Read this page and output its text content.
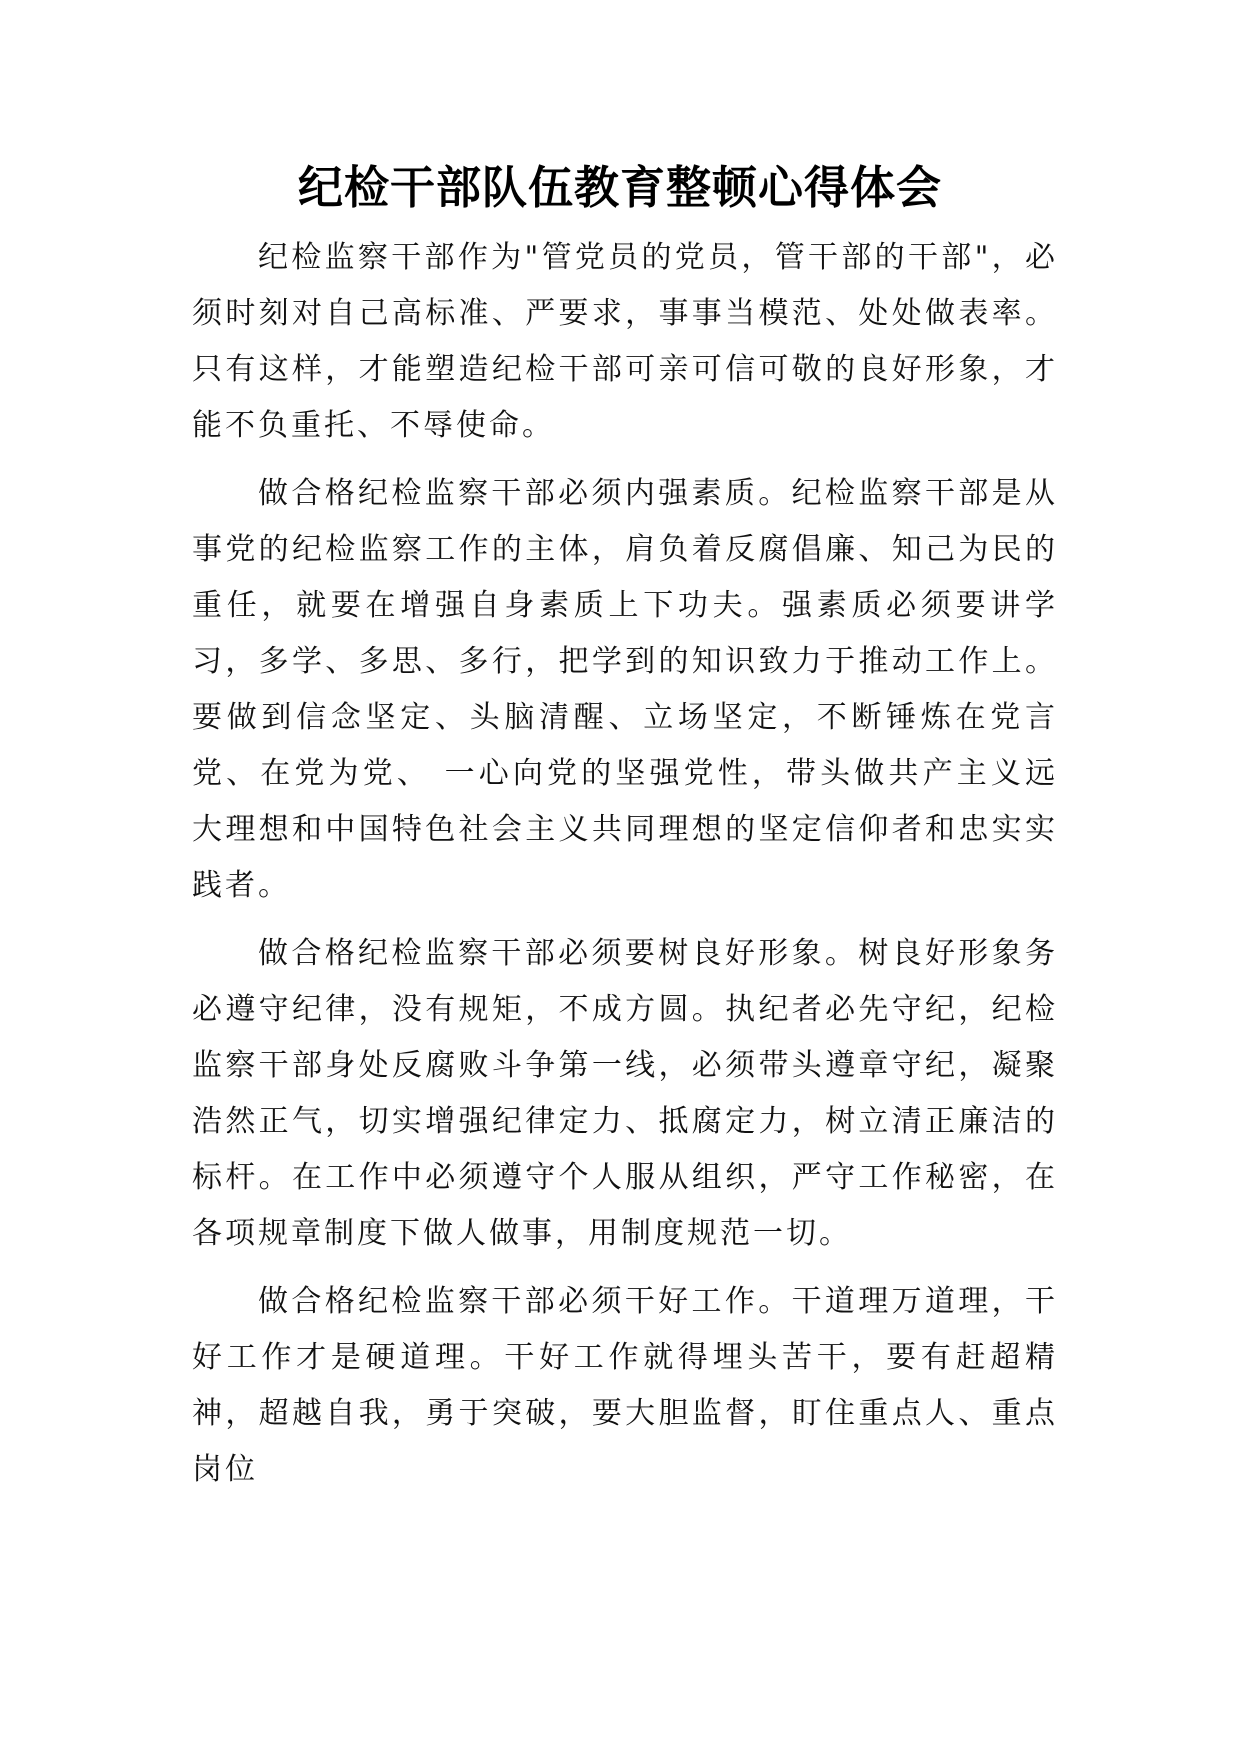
纪检干部队伍教育整顿心得体会

纪检监察干部作为"管党员的党员，管干部的干部"，必须时刻对自己高标准、严要求，事事当模范、处处做表率。只有这样，才能塑造纪检干部可亲可信可敬的良好形象，才能不负重托、不辱使命。

做合格纪检监察干部必须内强素质。纪检监察干部是从事党的纪检监察工作的主体，肩负着反腐倡廉、知己为民的重任，就要在增强自身素质上下功夫。强素质必须要讲学习，多学、多思、多行，把学到的知识致力于推动工作上。要做到信念坚定、头脑清醒、立场坚定，不断锤炼在党言党、在党为党、 一心向党的坚强党性，带头做共产主义远大理想和中国特色社会主义共同理想的坚定信仰者和忠实实践者。

做合格纪检监察干部必须要树良好形象。树良好形象务必遵守纪律，没有规矩，不成方圆。执纪者必先守纪，纪检监察干部身处反腐败斗争第一线，必须带头遵章守纪，凝聚浩然正气，切实增强纪律定力、抵腐定力，树立清正廉洁的标杆。在工作中必须遵守个人服从组织，严守工作秘密，在各项规章制度下做人做事，用制度规范一切。

做合格纪检监察干部必须干好工作。干道理万道理，干好工作才是硬道理。干好工作就得埋头苦干，要有赶超精神，超越自我，勇于突破，要大胆监督，盯住重点人、重点岗位
